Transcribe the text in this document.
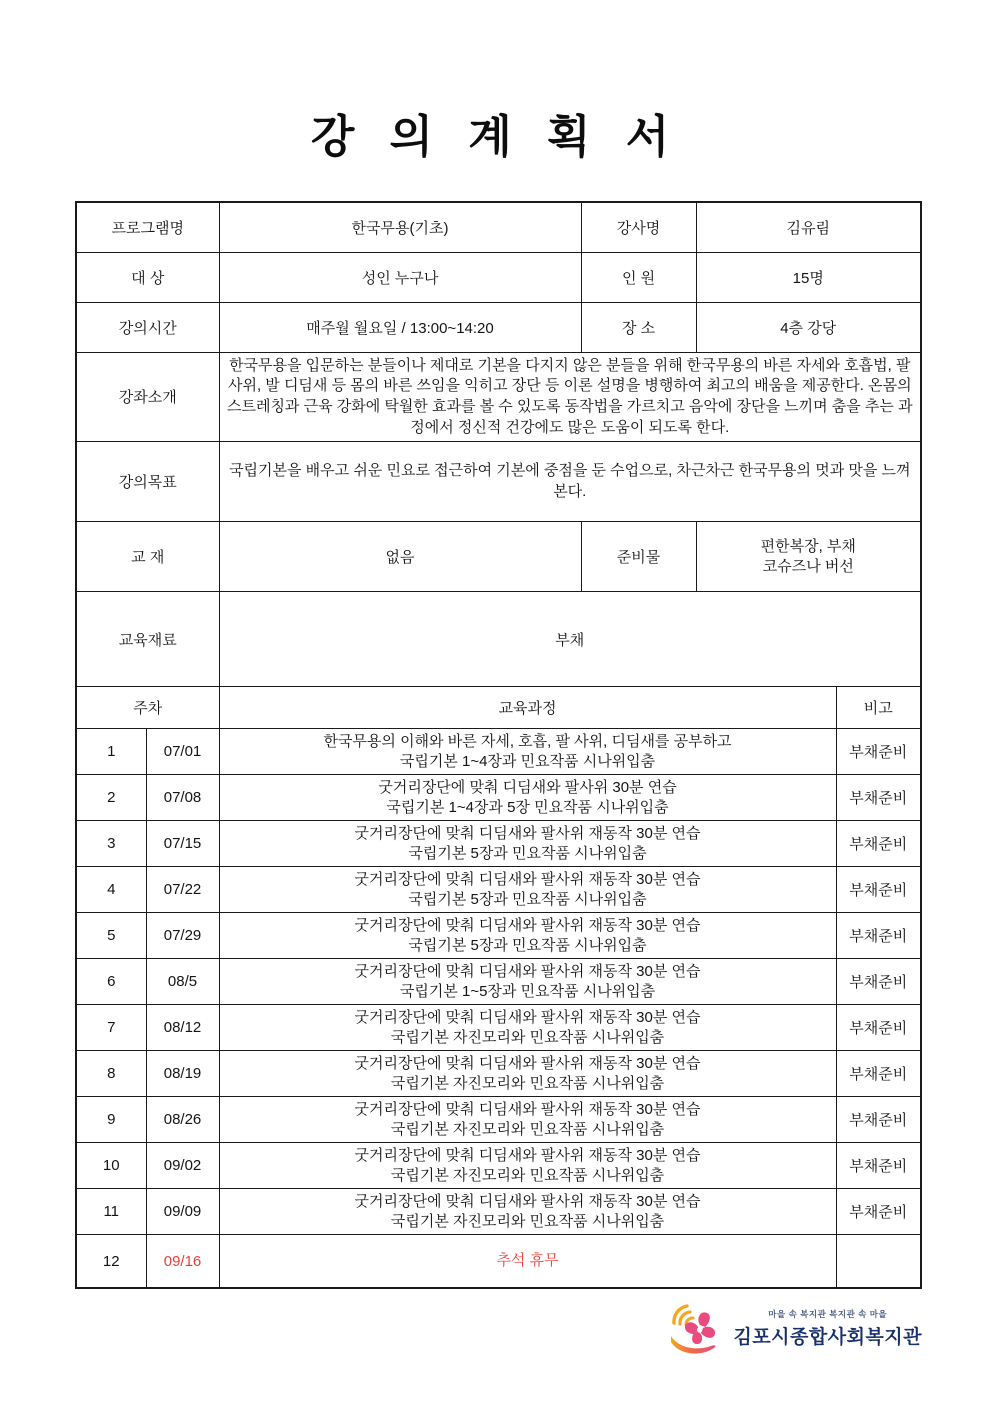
강 의 계 획 서
프로그램명		한국무용(기초)	강사명	김유림	
대 상		성인 누구나	인 원	15명	
강의시간		매주월 월요일 / 13:00~14:20	장 소	4층 강당	
강좌소개		한국무용을 입문하는 분들이나 제대로 기본을 다지지 않은 분들을 위해 한국무용의 바른 자세와 호흡법, 팔사위, 발 디딤새 등 몸의 바른 쓰임을 익히고 장단 등 이론 설명을 병행하여 최고의 배움을 제공한다. 온몸의 스트레칭과 근육 강화에 탁월한 효과를 볼 수 있도록 동작법을 가르치고 음악에 장단을 느끼며 춤을 추는 과정에서 정신적 건강에도 많은 도움이 되도록 한다.			
강의목표		국립기본을 배우고 쉬운 민요로 접근하여 기본에 중점을 둔 수업으로, 차근차근 한국무용의 멋과 맛을 느껴본다.			
교 재		없음	준비물	편한복장, 부채
코슈즈나 버선	

교육재료		부채			
주차		교육과정			비고
1	07/01	한국무용의 이해와 바른 자세, 호흡, 팔 사위, 디딤새를 공부하고
국립기본 1~4장과 민요작품 시나위입춤			부채준비
2	07/08	굿거리장단에 맞춰 디딤새와 팔사위 30분 연습
국립기본 1~4장과 5장 민요작품 시나위입춤			부채준비
3	07/15	굿거리장단에 맞춰 디딤새와 팔사위 재동작 30분 연습
국립기본 5장과 민요작품 시나위입춤			부채준비
4	07/22	굿거리장단에 맞춰 디딤새와 팔사위 재동작 30분 연습
국립기본 5장과 민요작품 시나위입춤			부채준비
5	07/29	굿거리장단에 맞춰 디딤새와 팔사위 재동작 30분 연습
국립기본 5장과 민요작품 시나위입춤			부채준비
6	08/5	굿거리장단에 맞춰 디딤새와 팔사위 재동작 30분 연습
국립기본 1~5장과 민요작품 시나위입춤			부채준비
7	08/12	굿거리장단에 맞춰 디딤새와 팔사위 재동작 30분 연습
국립기본 자진모리와 민요작품 시나위입춤			부채준비
8	08/19	굿거리장단에 맞춰 디딤새와 팔사위 재동작 30분 연습
국립기본 자진모리와 민요작품 시나위입춤			부채준비
9	08/26	굿거리장단에 맞춰 디딤새와 팔사위 재동작 30분 연습
국립기본 자진모리와 민요작품 시나위입춤			부채준비
10	09/02	굿거리장단에 맞춰 디딤새와 팔사위 재동작 30분 연습
국립기본 자진모리와 민요작품 시나위입춤			부채준비
11	09/09	굿거리장단에 맞춰 디딤새와 팔사위 재동작 30분 연습
국립기본 자진모리와 민요작품 시나위입춤			부채준비
12	09/16	추석 휴무			

마을 속 복지관 복지관 속 마을
김포시종합사회복지관
